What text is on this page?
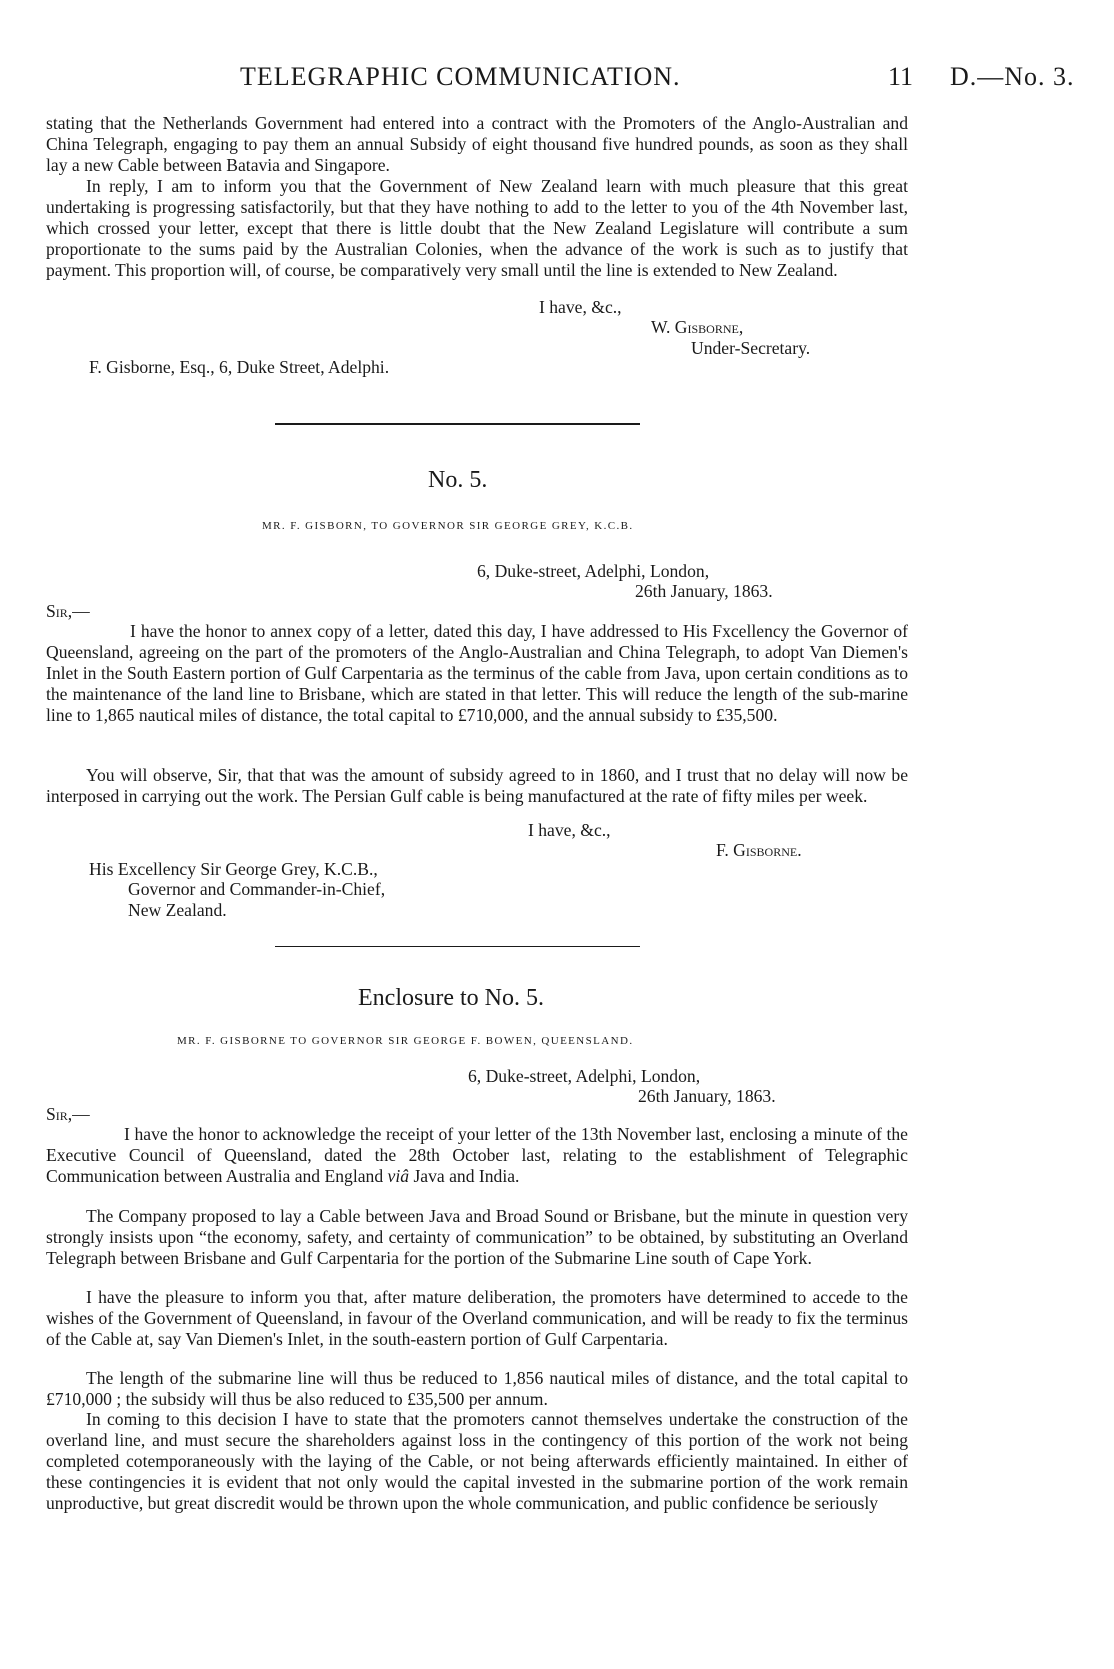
TELEGRAPHIC COMMUNICATION.	11 D.—No. 3.

stating that the Netherlands Government had entered into a contract with the Promoters of the Anglo-Australian and China Telegraph, engaging to pay them an annual Subsidy of eight thousand five hundred pounds, as soon as they shall lay a new Cable between Batavia and Singapore.

In reply, I am to inform you that the Government of New Zealand learn with much pleasure that this great undertaking is progressing satisfactorily, but that they have nothing to add to the letter to you of the 4th November last, which crossed your letter, except that there is little doubt that the New Zealand Legislature will contribute a sum proportionate to the sums paid by the Australian Colonies, when the advance of the work is such as to justify that payment. This proportion will, of course, be comparatively very small until the line is extended to New Zealand.

I have, &c.,
W. Gisborne,
Under-Secretary.
F. Gisborne, Esq., 6, Duke Street, Adelphi.
No. 5.
MR. F. GISBORN, TO GOVERNOR SIR GEORGE GREY, K.C.B.
6, Duke-street, Adelphi, London,
26th January, 1863.
Sir,—

I have the honor to annex copy of a letter, dated this day, I have addressed to His Fxcellency the Governor of Queensland, agreeing on the part of the promoters of the Anglo-Australian and China Telegraph, to adopt Van Diemen's Inlet in the South Eastern portion of Gulf Carpentaria as the terminus of the cable from Java, upon certain conditions as to the maintenance of the land line to Brisbane, which are stated in that letter. This will reduce the length of the sub-marine line to 1,865 nautical miles of distance, the total capital to £710,000, and the annual subsidy to £35,500.

You will observe, Sir, that that was the amount of subsidy agreed to in 1860, and I trust that no delay will now be interposed in carrying out the work. The Persian Gulf cable is being manufactured at the rate of fifty miles per week.

I have, &c.,
F. Gisborne.
His Excellency Sir George Grey, K.C.B.,
Governor and Commander-in-Chief,
New Zealand.
Enclosure to No. 5.
MR. F. GISBORNE TO GOVERNOR SIR GEORGE F. BOWEN, QUEENSLAND.
6, Duke-street, Adelphi, London,
26th January, 1863.
Sir,—

I have the honor to acknowledge the receipt of your letter of the 13th November last, enclosing a minute of the Executive Council of Queensland, dated the 28th October last, relating to the establishment of Telegraphic Communication between Australia and England viâ Java and India.

The Company proposed to lay a Cable between Java and Broad Sound or Brisbane, but the minute in question very strongly insists upon “the economy, safety, and certainty of communication” to be obtained, by substituting an Overland Telegraph between Brisbane and Gulf Carpentaria for the portion of the Submarine Line south of Cape York.

I have the pleasure to inform you that, after mature deliberation, the promoters have determined to accede to the wishes of the Government of Queensland, in favour of the Overland communication, and will be ready to fix the terminus of the Cable at, say Van Diemen's Inlet, in the south-eastern portion of Gulf Carpentaria.

The length of the submarine line will thus be reduced to 1,856 nautical miles of distance, and the total capital to £710,000 ; the subsidy will thus be also reduced to £35,500 per annum.

In coming to this decision I have to state that the promoters cannot themselves undertake the construction of the overland line, and must secure the shareholders against loss in the contingency of this portion of the work not being completed cotemporaneously with the laying of the Cable, or not being afterwards efficiently maintained. In either of these contingencies it is evident that not only would the capital invested in the submarine portion of the work remain unproductive, but great discredit would be thrown upon the whole communication, and public confidence be seriously
